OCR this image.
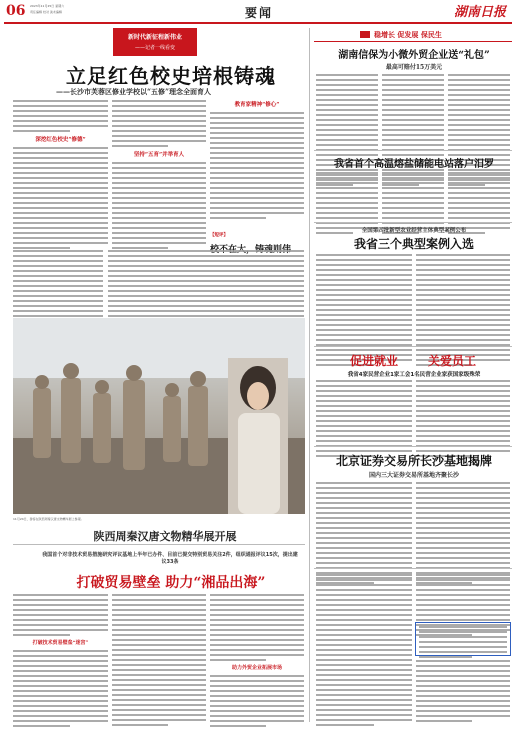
06 2023年11月25日 星期六
责任编辑 校对 美术编辑	要闻	湖南日报
新时代新征程新伟业
——记者一线看变
立足红色校史培根铸魂
——长沙市芙蓉区修业学校以“五修”理念全面育人
深挖红色校史“修德”
坚持“五育”并举育人
教育家精神“修心”
【短评】
11月24日，游客在陕西周秦汉唐文物精华展上参观。
陕西周秦汉唐文物精华展开展
我国首个对非技术贸易措施研究评议基地上半年已办件、目前已提交特别贸易关注2件，组织通报评议15次，提出建议33条
打破贸易壁垒 助力“湘品出海”
打破技术贸易壁垒“迷宫”
助力外贸企业拓展市场
稳增长 促发展 保民生
湖南信保为小微外贸企业送“礼包”
最高可赔付15万美元
我省首个高温熔盐储能电站落户汨罗
全国第四批新型农业经营主体典型案例公布
我省三个典型案例入选
促进就业 关爱员工
我省4家民营企业1家工会1名民营企业家获国家级殊荣
北京证券交易所长沙基地揭牌
国内三大证券交易所基地齐聚长沙
